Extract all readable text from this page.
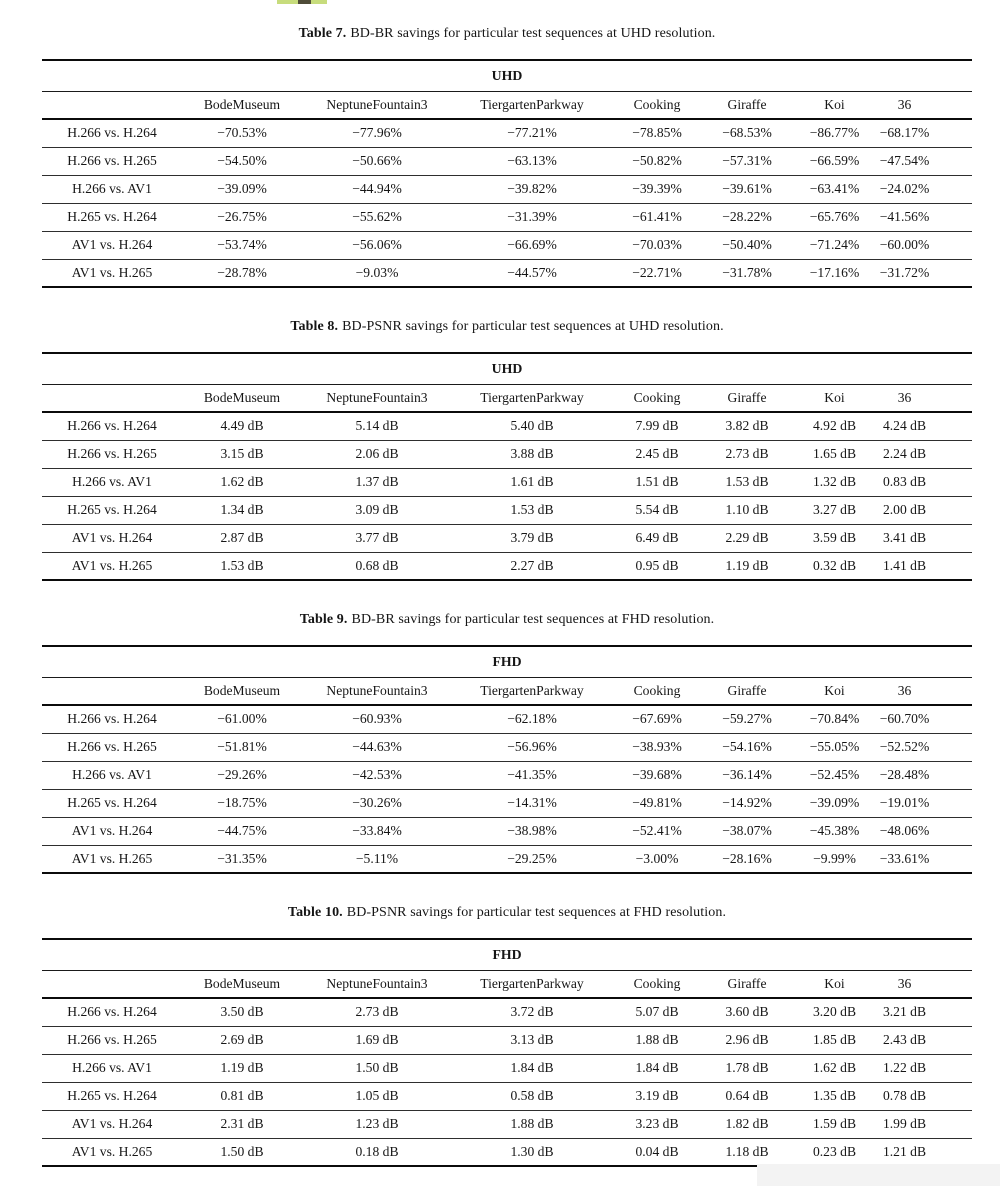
Table 7. BD-BR savings for particular test sequences at UHD resolution.

UHD								
	BodeMuseum	NeptuneFountain3	TiergartenParkway	Cooking	Giraffe	Koi	36	
H.266 vs. H.264	−70.53%	−77.96%	−77.21%	−78.85%	−68.53%	−86.77%	−68.17%	
H.266 vs. H.265	−54.50%	−50.66%	−63.13%	−50.82%	−57.31%	−66.59%	−47.54%	
H.266 vs. AV1	−39.09%	−44.94%	−39.82%	−39.39%	−39.61%	−63.41%	−24.02%	
H.265 vs. H.264	−26.75%	−55.62%	−31.39%	−61.41%	−28.22%	−65.76%	−41.56%	
AV1 vs. H.264	−53.74%	−56.06%	−66.69%	−70.03%	−50.40%	−71.24%	−60.00%	
AV1 vs. H.265	−28.78%	−9.03%	−44.57%	−22.71%	−31.78%	−17.16%	−31.72%	

Table 8. BD-PSNR savings for particular test sequences at UHD resolution.

UHD								
	BodeMuseum	NeptuneFountain3	TiergartenParkway	Cooking	Giraffe	Koi	36	
H.266 vs. H.264	4.49 dB	5.14 dB	5.40 dB	7.99 dB	3.82 dB	4.92 dB	4.24 dB	
H.266 vs. H.265	3.15 dB	2.06 dB	3.88 dB	2.45 dB	2.73 dB	1.65 dB	2.24 dB	
H.266 vs. AV1	1.62 dB	1.37 dB	1.61 dB	1.51 dB	1.53 dB	1.32 dB	0.83 dB	
H.265 vs. H.264	1.34 dB	3.09 dB	1.53 dB	5.54 dB	1.10 dB	3.27 dB	2.00 dB	
AV1 vs. H.264	2.87 dB	3.77 dB	3.79 dB	6.49 dB	2.29 dB	3.59 dB	3.41 dB	
AV1 vs. H.265	1.53 dB	0.68 dB	2.27 dB	0.95 dB	1.19 dB	0.32 dB	1.41 dB	

Table 9. BD-BR savings for particular test sequences at FHD resolution.

FHD								
	BodeMuseum	NeptuneFountain3	TiergartenParkway	Cooking	Giraffe	Koi	36	
H.266 vs. H.264	−61.00%	−60.93%	−62.18%	−67.69%	−59.27%	−70.84%	−60.70%	
H.266 vs. H.265	−51.81%	−44.63%	−56.96%	−38.93%	−54.16%	−55.05%	−52.52%	
H.266 vs. AV1	−29.26%	−42.53%	−41.35%	−39.68%	−36.14%	−52.45%	−28.48%	
H.265 vs. H.264	−18.75%	−30.26%	−14.31%	−49.81%	−14.92%	−39.09%	−19.01%	
AV1 vs. H.264	−44.75%	−33.84%	−38.98%	−52.41%	−38.07%	−45.38%	−48.06%	
AV1 vs. H.265	−31.35%	−5.11%	−29.25%	−3.00%	−28.16%	−9.99%	−33.61%	

Table 10. BD-PSNR savings for particular test sequences at FHD resolution.

FHD								
	BodeMuseum	NeptuneFountain3	TiergartenParkway	Cooking	Giraffe	Koi	36	
H.266 vs. H.264	3.50 dB	2.73 dB	3.72 dB	5.07 dB	3.60 dB	3.20 dB	3.21 dB	
H.266 vs. H.265	2.69 dB	1.69 dB	3.13 dB	1.88 dB	2.96 dB	1.85 dB	2.43 dB	
H.266 vs. AV1	1.19 dB	1.50 dB	1.84 dB	1.84 dB	1.78 dB	1.62 dB	1.22 dB	
H.265 vs. H.264	0.81 dB	1.05 dB	0.58 dB	3.19 dB	0.64 dB	1.35 dB	0.78 dB	
AV1 vs. H.264	2.31 dB	1.23 dB	1.88 dB	3.23 dB	1.82 dB	1.59 dB	1.99 dB	
AV1 vs. H.265	1.50 dB	0.18 dB	1.30 dB	0.04 dB	1.18 dB	0.23 dB	1.21 dB	
